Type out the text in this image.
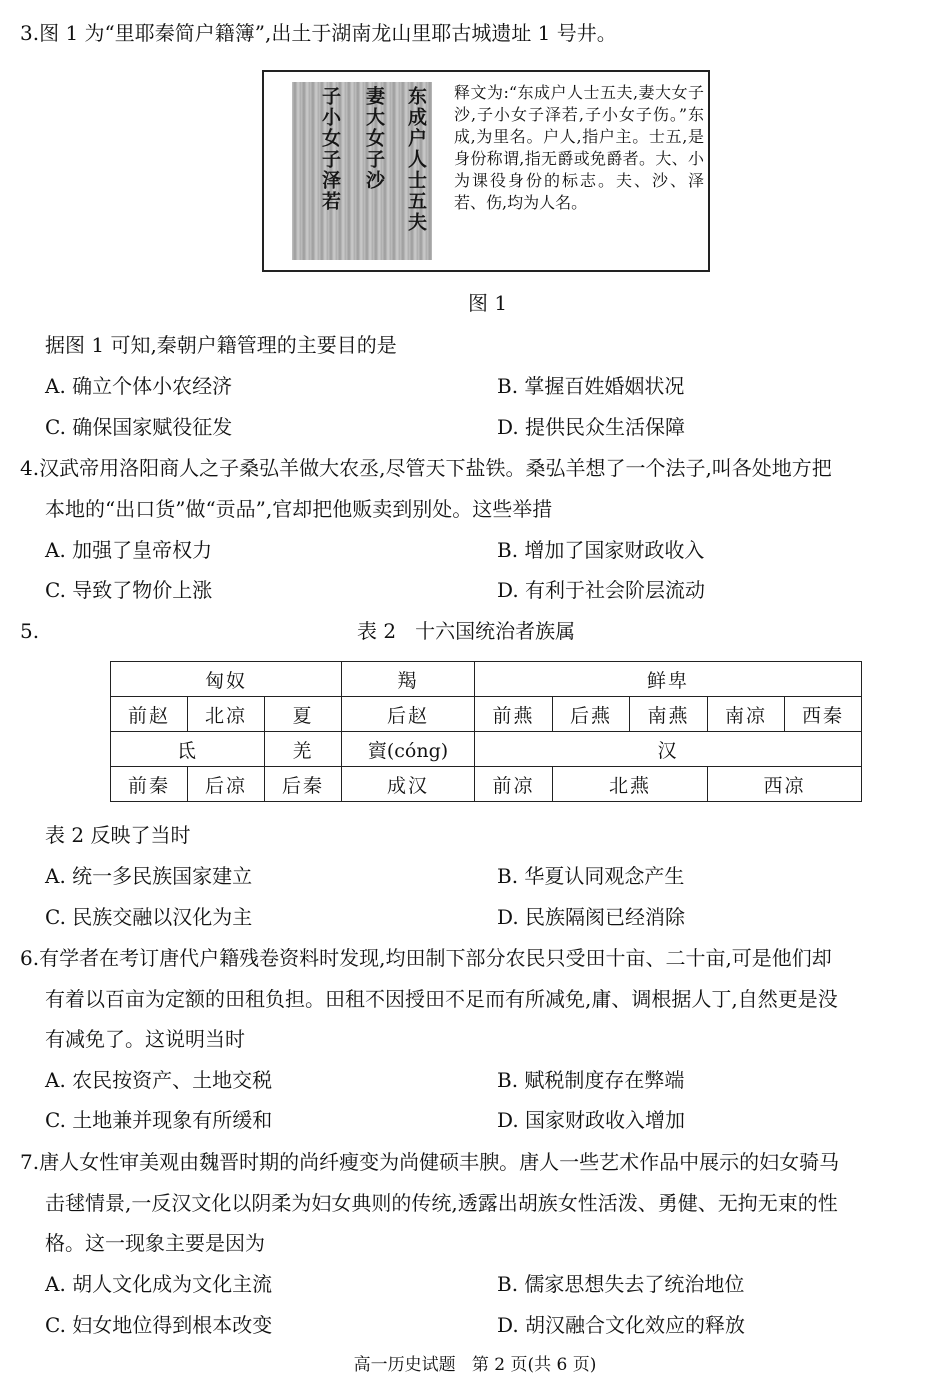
3.图 1 为“里耶秦简户籍簿”,出土于湖南龙山里耶古城遗址 1 号井。
东成户人士五夫
妻大女子沙
子小女子泽若	释文为:“东成户人士五夫,妻大女子沙,子小女子泽若,子小女子伤。”东成,为里名。户人,指户主。士五,是身份称谓,指无爵或免爵者。大、小为课役身份的标志。夫、沙、泽若、伤,均为人名。
图 1
据图 1 可知,秦朝户籍管理的主要目的是
A. 确立个体小农经济	B. 掌握百姓婚姻状况
C. 确保国家赋役征发	D. 提供民众生活保障
4.汉武帝用洛阳商人之子桑弘羊做大农丞,尽管天下盐铁。桑弘羊想了一个法子,叫各处地方把
本地的“出口货”做“贡品”,官却把他贩卖到别处。这些举措
A. 加强了皇帝权力	B. 增加了国家财政收入
C. 导致了物价上涨	D. 有利于社会阶层流动
5.	表 2   十六国统治者族属
匈奴			羯	鲜卑				
前赵	北凉	夏	后赵	前燕	后燕	南燕	南凉	西秦
氐		羌	賨(cóng)	汉				
前秦	后凉	后秦	成汉	前凉	北燕		西凉	
表 2 反映了当时
A. 统一多民族国家建立	B. 华夏认同观念产生
C. 民族交融以汉化为主	D. 民族隔阂已经消除
6.有学者在考订唐代户籍残卷资料时发现,均田制下部分农民只受田十亩、二十亩,可是他们却
有着以百亩为定额的田租负担。田租不因授田不足而有所减免,庸、调根据人丁,自然更是没
有减免了。这说明当时
A. 农民按资产、土地交税	B. 赋税制度存在弊端
C. 土地兼并现象有所缓和	D. 国家财政收入增加
7.唐人女性审美观由魏晋时期的尚纤瘦变为尚健硕丰腴。唐人一些艺术作品中展示的妇女骑马
击毬情景,一反汉文化以阴柔为妇女典则的传统,透露出胡族女性活泼、勇健、无拘无束的性
格。这一现象主要是因为
A. 胡人文化成为文化主流	B. 儒家思想失去了统治地位
C. 妇女地位得到根本改变	D. 胡汉融合文化效应的释放
高一历史试题   第 2 页(共 6 页)
